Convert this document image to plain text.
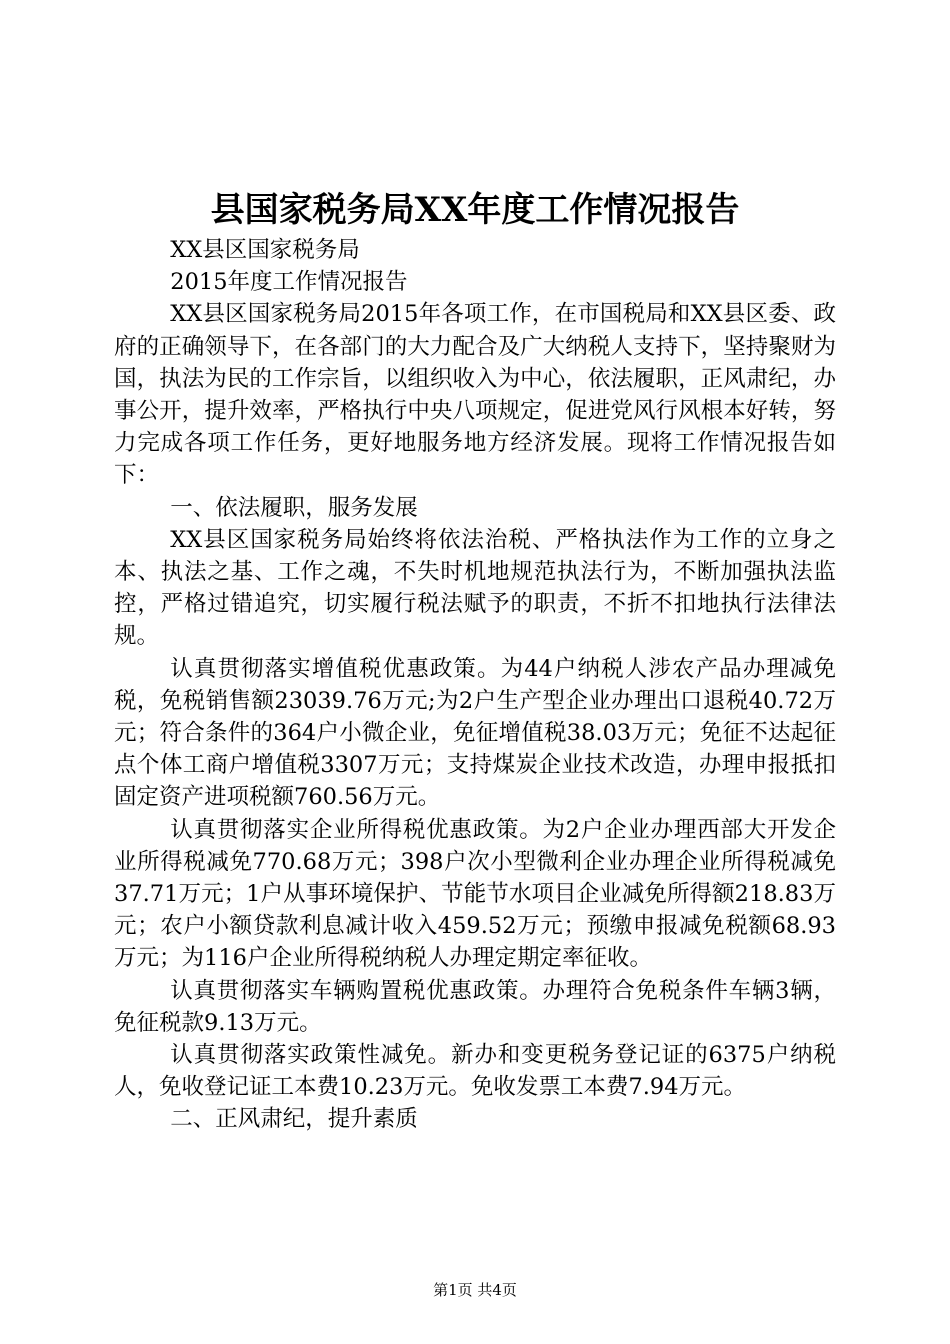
县国家税务局XX年度工作情况报告

XX县区国家税务局

2015年度工作情况报告

XX县区国家税务局2015年各项工作，在市国税局和XX县区委、政府的正确领导下，在各部门的大力配合及广大纳税人支持下，坚持聚财为国，执法为民的工作宗旨，以组织收入为中心，依法履职，正风肃纪，办事公开，提升效率，严格执行中央八项规定，促进党风行风根本好转，努力完成各项工作任务，更好地服务地方经济发展。现将工作情况报告如下：

一、依法履职，服务发展

XX县区国家税务局始终将依法治税、严格执法作为工作的立身之本、执法之基、工作之魂，不失时机地规范执法行为，不断加强执法监控，严格过错追究，切实履行税法赋予的职责，不折不扣地执行法律法规。

认真贯彻落实增值税优惠政策。为44户纳税人涉农产品办理减免税，免税销售额23039.76万元;为2户生产型企业办理出口退税40.72万元；符合条件的364户小微企业，免征增值税38.03万元；免征不达起征点个体工商户增值税3307万元；支持煤炭企业技术改造，办理申报抵扣固定资产进项税额760.56万元。

认真贯彻落实企业所得税优惠政策。为2户企业办理西部大开发企业所得税减免770.68万元；398户次小型微利企业办理企业所得税减免37.71万元；1户从事环境保护、节能节水项目企业减免所得额218.83万元；农户小额贷款利息减计收入459.52万元；预缴申报减免税额68.93万元；为116户企业所得税纳税人办理定期定率征收。

认真贯彻落实车辆购置税优惠政策。办理符合免税条件车辆3辆，免征税款9.13万元。

认真贯彻落实政策性减免。新办和变更税务登记证的6375户纳税人，免收登记证工本费10.23万元。免收发票工本费7.94万元。

二、正风肃纪，提升素质

第1页 共4页
